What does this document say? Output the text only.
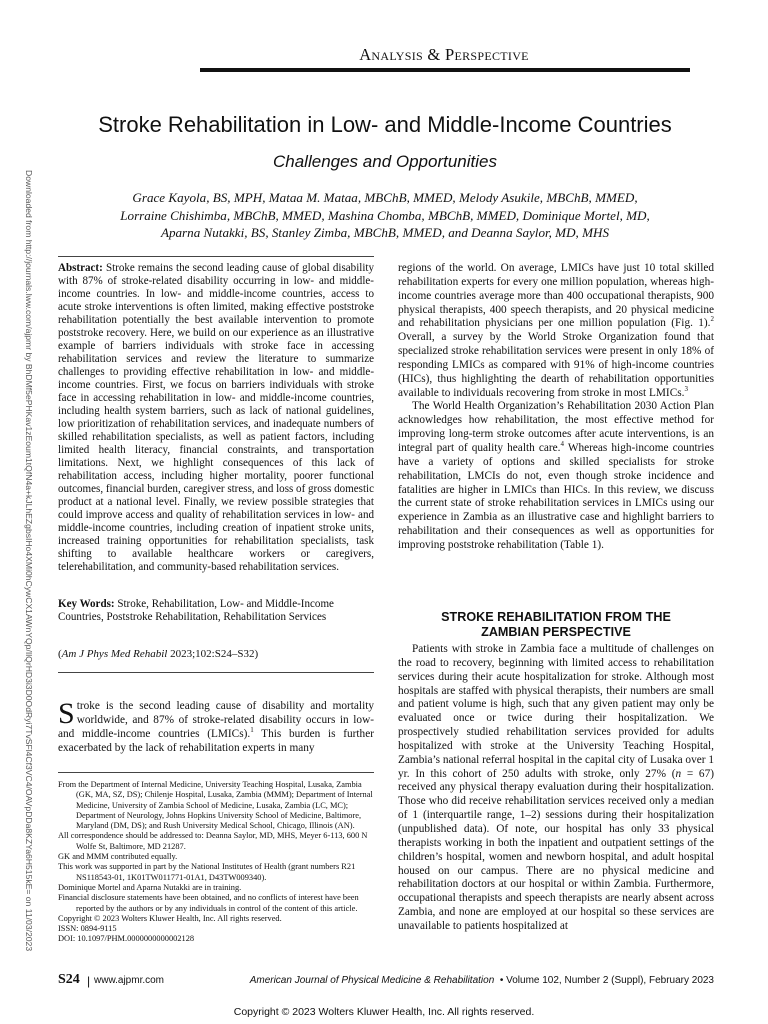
Downloaded from http://journals.lww.com/ajpmr by BhDMf5ePHKav1zEoum1tQfN4a+kJLhEZgbsIHo4XMi0hCywCX1AWnYQp/IlQrHD3i3D0OdRyi7TvSFl4Cf3VC4/OAVpDDa8KZYa6H515kE= on 11/03/2023
Analysis & Perspective
Stroke Rehabilitation in Low- and Middle-Income Countries
Challenges and Opportunities
Grace Kayola, BS, MPH, Mataa M. Mataa, MBChB, MMED, Melody Asukile, MBChB, MMED,
Lorraine Chishimba, MBChB, MMED, Mashina Chomba, MBChB, MMED, Dominique Mortel, MD,
Aparna Nutakki, BS, Stanley Zimba, MBChB, MMED, and Deanna Saylor, MD, MHS

Abstract: Stroke remains the second leading cause of global disability with 87% of stroke-related disability occurring in low- and middle-income countries. In low- and middle-income countries, access to acute stroke interventions is often limited, making effective poststroke rehabilitation potentially the best available intervention to promote poststroke recovery. Here, we build on our experience as an illustrative example of barriers individuals with stroke face in accessing rehabilitation services and review the literature to summarize challenges to providing effective rehabilitation in low- and middle-income countries. First, we focus on barriers individuals with stroke face in accessing rehabilitation in low- and middle-income countries, including health system barriers, such as lack of national guidelines, low prioritization of rehabilitation services, and inadequate numbers of skilled rehabilitation specialists, as well as patient factors, including limited health literacy, financial constraints, and transportation limitations. Next, we highlight consequences of this lack of rehabilitation access, including higher mortality, poorer functional outcomes, financial burden, caregiver stress, and loss of gross domestic product at a national level. Finally, we review possible strategies that could improve access and quality of rehabilitation services in low- and middle-income countries, including creation of inpatient stroke units, increased training opportunities for rehabilitation specialists, task shifting to available healthcare workers or caregivers, telerehabilitation, and community-based rehabilitation services.

Key Words: Stroke, Rehabilitation, Low- and Middle-Income Countries, Poststroke Rehabilitation, Rehabilitation Services

(Am J Phys Med Rehabil 2023;102:S24–S32)
Stroke is the second leading cause of disability and mortality worldwide, and 87% of stroke-related disability occurs in low- and middle-income countries (LMICs).$^1$ This burden is further exacerbated by the lack of rehabilitation experts in many

From the Department of Internal Medicine, University Teaching Hospital, Lusaka, Zambia (GK, MA, SZ, DS); Chilenje Hospital, Lusaka, Zambia (MMM); Department of Internal Medicine, University of Zambia School of Medicine, Lusaka, Zambia (LC, MC); Department of Neurology, Johns Hopkins University School of Medicine, Baltimore, Maryland (DM, DS); and Rush University Medical School, Chicago, Illinois (AN).

All correspondence should be addressed to: Deanna Saylor, MD, MHS, Meyer 6-113, 600 N Wolfe St, Baltimore, MD 21287.

GK and MMM contributed equally.

This work was supported in part by the National Institutes of Health (grant numbers R21 NS118543-01, 1K01TW011771-01A1, D43TW009340).

Dominique Mortel and Aparna Nutakki are in training.

Financial disclosure statements have been obtained, and no conflicts of interest have been reported by the authors or by any individuals in control of the content of this article.

Copyright © 2023 Wolters Kluwer Health, Inc. All rights reserved.

ISSN: 0894-9115

DOI: 10.1097/PHM.0000000000002128

regions of the world. On average, LMICs have just 10 total skilled rehabilitation experts for every one million population, whereas high-income countries average more than 400 occupational therapists, 900 physical therapists, 400 speech therapists, and 20 physical medicine and rehabilitation physicians per one million population (Fig. 1).$^2$ Overall, a survey by the World Stroke Organization found that specialized stroke rehabilitation services were present in only 18% of responding LMICs as compared with 91% of high-income countries (HICs), thus highlighting the dearth of rehabilitation opportunities available to individuals recovering from stroke in most LMICs.$^3$

The World Health Organization’s Rehabilitation 2030 Action Plan acknowledges how rehabilitation, the most effective method for improving long-term stroke outcomes after acute interventions, is an integral part of quality health care.$^4$ Whereas high-income countries have a variety of options and skilled specialists for stroke rehabilitation, LMCIs do not, even though stroke incidence and fatalities are higher in LMICs than HICs. In this review, we discuss the current state of stroke rehabilitation services in LMICs using our experience in Zambia as an illustrative case and highlight barriers to rehabilitation and their consequences as well as opportunities for improving poststroke rehabilitation (Table 1).

STROKE REHABILITATION FROM THE
ZAMBIAN PERSPECTIVE
Patients with stroke in Zambia face a multitude of challenges on the road to recovery, beginning with limited access to rehabilitation services during their acute hospitalization for stroke. Although most hospitals are staffed with physical therapists, their numbers are small and patient volume is high, such that any given patient may only be evaluated once or twice during their hospitalization. We prospectively studied rehabilitation services provided for adults hospitalized with stroke at the University Teaching Hospital, Zambia’s national referral hospital in the capital city of Lusaka over 1 yr. In this cohort of 250 adults with stroke, only 27% (n = 67) received any physical therapy evaluation during their hospitalization. Those who did receive rehabilitation services received only a median of 1 (interquartile range, 1–2) sessions during their hospitalization (unpublished data). Of note, our hospital has only 33 physical therapists working in both the inpatient and outpatient settings of the children’s hospital, women and newborn hospital, and adult hospital housed on our campus. There are no physical medicine and rehabilitation doctors at our hospital or within Zambia. Furthermore, occupational therapists and speech therapists are nearly absent across Zambia, and none are employed at our hospital so these services are unavailable to patients hospitalized at
S24 | www.ajpmr.com	American Journal of Physical Medicine & Rehabilitation • Volume 102, Number 2 (Suppl), February 2023
Copyright © 2023 Wolters Kluwer Health, Inc. All rights reserved.
